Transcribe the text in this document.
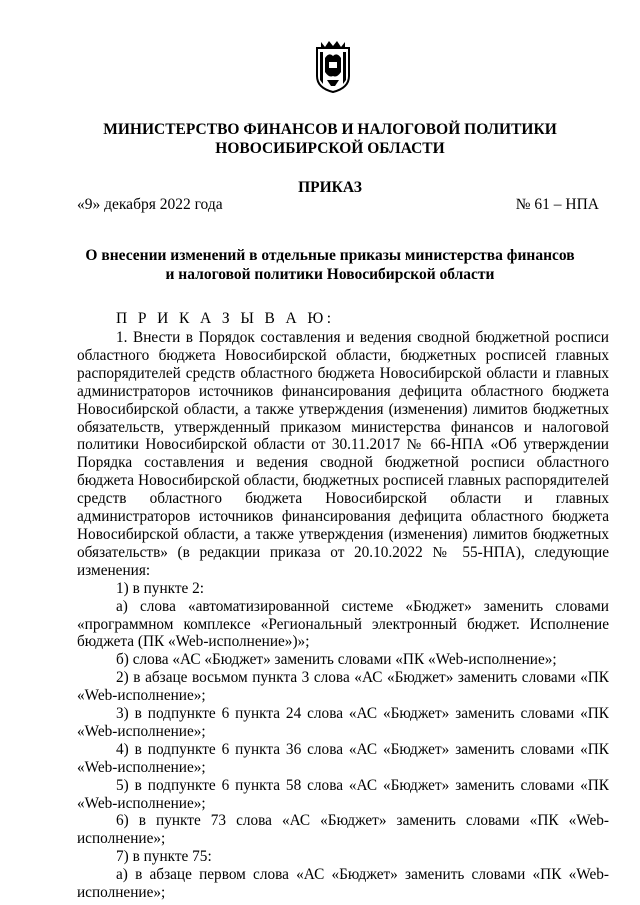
МИНИСТЕРСТВО ФИНАНСОВ И НАЛОГОВОЙ ПОЛИТИКИ
НОВОСИБИРСКОЙ ОБЛАСТИ
ПРИКАЗ
«9» декабря 2022 года	№ 61 – НПА
О внесении изменений в отдельные приказы министерства финансов
и налоговой политики Новосибирской области
П Р И К А З Ы В А Ю:

1. Внести в Порядок составления и ведения сводной бюджетной росписи областного бюджета Новосибирской области, бюджетных росписей главных распорядителей средств областного бюджета Новосибирской области и главных администраторов источников финансирования дефицита областного бюджета Новосибирской области, а также утверждения (изменения) лимитов бюджетных обязательств, утвержденный приказом министерства финансов и налоговой политики Новосибирской области от 30.11.2017 № 66-НПА «Об утверждении Порядка составления и ведения сводной бюджетной росписи областного бюджета Новосибирской области, бюджетных росписей главных распорядителей средств областного бюджета Новосибирской области и главных администраторов источников финансирования дефицита областного бюджета Новосибирской области, а также утверждения (изменения) лимитов бюджетных обязательств» (в редакции приказа от 20.10.2022 № 55-НПА), следующие изменения:

1) в пункте 2:

а) слова «автоматизированной системе «Бюджет» заменить словами «программном комплексе «Региональный электронный бюджет. Исполнение бюджета (ПК «Web-исполнение»)»;

б) слова «АС «Бюджет» заменить словами «ПК «Web-исполнение»;

2) в абзаце восьмом пункта 3 слова «АС «Бюджет» заменить словами «ПК «Web-исполнение»;

3) в подпункте 6 пункта 24 слова «АС «Бюджет» заменить словами «ПК «Web-исполнение»;

4) в подпункте 6 пункта 36 слова «АС «Бюджет» заменить словами «ПК «Web-исполнение»;

5) в подпункте 6 пункта 58 слова «АС «Бюджет» заменить словами «ПК «Web-исполнение»;

6) в пункте 73 слова «АС «Бюджет» заменить словами «ПК «Web-исполнение»;

7) в пункте 75:

а) в абзаце первом слова «АС «Бюджет» заменить словами «ПК «Web-исполнение»;
